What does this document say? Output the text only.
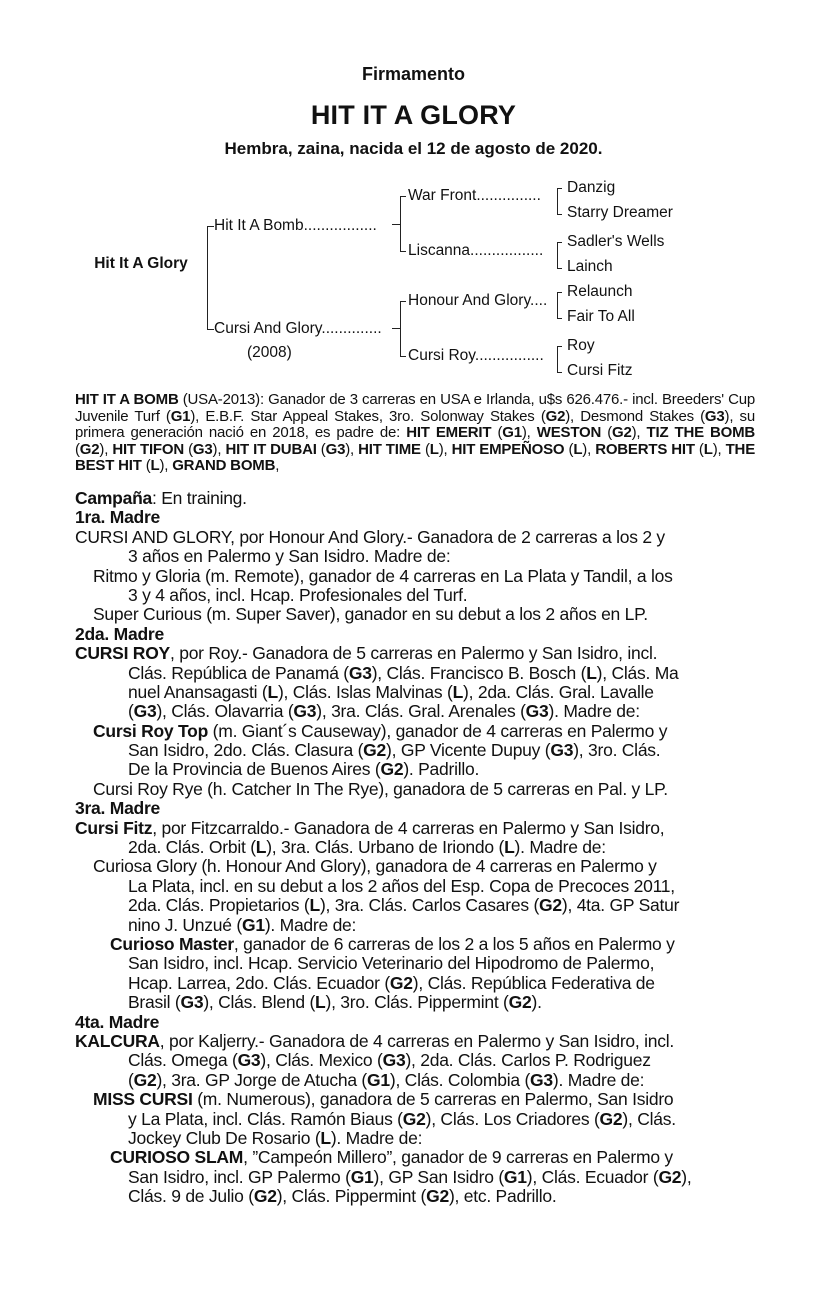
Firmamento
HIT IT A GLORY
Hembra, zaina, nacida el 12 de agosto de 2020.
Hit It A Glory
Hit It A Bomb.................
Cursi And Glory..............
(2008)
War Front...............
Liscanna.................
Honour And Glory....
Cursi Roy................
Danzig
Starry Dreamer
Sadler's Wells
Lainch
Relaunch
Fair To All
Roy
Cursi Fitz
HIT IT A BOMB (USA-2013): Ganador de 3 carreras en USA e Irlanda, u$s 626.476.- incl. Breeders' Cup Juvenile Turf (G1), E.B.F. Star Appeal Stakes, 3ro. Solonway Stakes (G2), Desmond Stakes (G3), su primera generación nació en 2018, es padre de: HIT EMERIT (G1), WESTON (G2), TIZ THE BOMB (G2), HIT TIFON (G3), HIT IT DUBAI (G3), HIT TIME (L), HIT EMPEÑOSO (L), ROBERTS HIT (L), THE BEST HIT (L), GRAND BOMB,
Campaña: En training.
1ra. Madre
CURSI AND GLORY, por Honour And Glory.- Ganadora de 2 carreras a los 2 y
3 años en Palermo y San Isidro. Madre de:
Ritmo y Gloria (m. Remote), ganador de 4 carreras en La Plata y Tandil, a los
3 y 4 años, incl. Hcap. Profesionales del Turf.
Super Curious (m. Super Saver), ganador en su debut a los 2 años en LP.
2da. Madre
CURSI ROY, por Roy.- Ganadora de 5 carreras en Palermo y San Isidro, incl.
Clás. República de Panamá (G3), Clás. Francisco B. Bosch (L), Clás. Ma
nuel Anansagasti (L), Clás. Islas Malvinas (L), 2da. Clás. Gral. Lavalle
(G3), Clás. Olavarria (G3), 3ra. Clás. Gral. Arenales (G3). Madre de:
Cursi Roy Top (m. Giant´s Causeway), ganador de 4 carreras en Palermo y
San Isidro, 2do. Clás. Clasura (G2), GP Vicente Dupuy (G3), 3ro. Clás.
De la Provincia de Buenos Aires (G2). Padrillo.
Cursi Roy Rye (h. Catcher In The Rye), ganadora de 5 carreras en Pal. y LP.
3ra. Madre
Cursi Fitz, por Fitzcarraldo.- Ganadora de 4 carreras en Palermo y San Isidro,
2da. Clás. Orbit (L), 3ra. Clás. Urbano de Iriondo (L). Madre de:
Curiosa Glory (h. Honour And Glory), ganadora de 4 carreras en Palermo y
La Plata, incl. en su debut a los 2 años del Esp. Copa de Precoces 2011,
2da. Clás. Propietarios (L), 3ra. Clás. Carlos Casares (G2), 4ta. GP Satur
nino J. Unzué (G1). Madre de:
Curioso Master, ganador de 6 carreras de los 2 a los 5 años en Palermo y
San Isidro, incl. Hcap. Servicio Veterinario del Hipodromo de Palermo,
Hcap. Larrea, 2do. Clás. Ecuador (G2), Clás. República Federativa de
Brasil (G3), Clás. Blend (L), 3ro. Clás. Pippermint (G2).
4ta. Madre
KALCURA, por Kaljerry.- Ganadora de 4 carreras en Palermo y San Isidro, incl.
Clás. Omega (G3), Clás. Mexico (G3), 2da. Clás. Carlos P. Rodriguez
(G2), 3ra. GP Jorge de Atucha (G1), Clás. Colombia (G3). Madre de:
MISS CURSI (m. Numerous), ganadora de 5 carreras en Palermo, San Isidro
y La Plata, incl. Clás. Ramón Biaus (G2), Clás. Los Criadores (G2), Clás.
Jockey Club De Rosario (L). Madre de:
CURIOSO SLAM, ”Campeón Millero”, ganador de 9 carreras en Palermo y
San Isidro, incl. GP Palermo (G1), GP San Isidro (G1), Clás. Ecuador (G2),
Clás. 9 de Julio (G2), Clás. Pippermint (G2), etc. Padrillo.
